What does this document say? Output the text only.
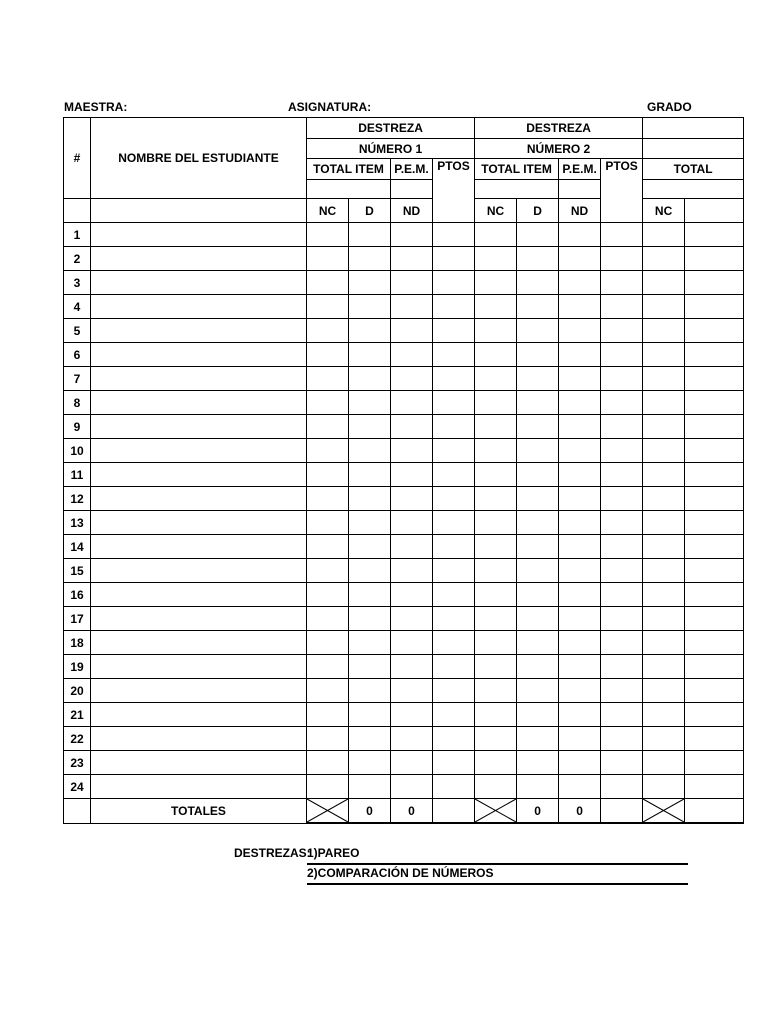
MAESTRA:	ASIGNATURA:	GRADO
#	NOMBRE DEL ESTUDIANTE	DESTREZA				DESTREZA					
		NÚMERO 1				NÚMERO 2					
		TOTAL ITEM		P.E.M.	PTOS	TOTAL ITEM		P.E.M.	PTOS	TOTAL	

		NC	D	ND		NC	D	ND		NC	
1											
2											
3											
4											
5											
6											
7											
8											
9											
10											
11											
12											
13											
14											
15											
16											
17											
18											
19											
20											
21											
22											
23											
24											
	TOTALES		0	0			0	0		

DESTREZAS:
1)PAREO
2)COMPARACIÓN DE NÚMEROS
